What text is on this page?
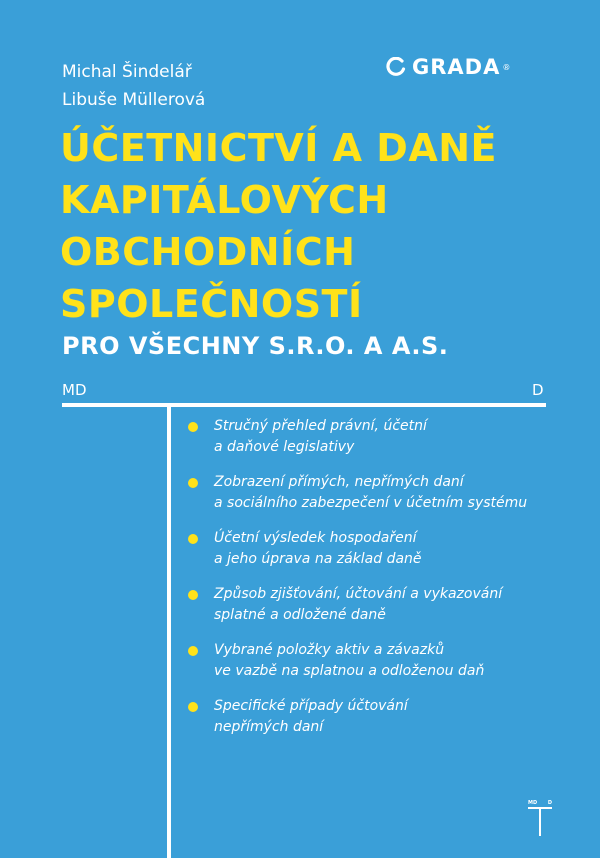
Michal Šindelář
Libuše Müllerová
GRADA ®
ÚČETNICTVÍ A DANĚ
KAPITÁLOVÝCH
OBCHODNÍCH
SPOLEČNOSTÍ
PRO VŠECHNY S.R.O. A A.S.
MD	D
Stručný přehled právní, účetní
a daňové legislativy
Zobrazení přímých, nepřímých daní
a sociálního zabezpečení v účetním systému
Účetní výsledek hospodaření
a jeho úprava na základ daně
Způsob zjišťování, účtování a vykazování
splatné a odložené daně
Vybrané položky aktiv a závazků
ve vazbě na splatnou a odloženou daň
Specifické případy účtování
nepřímých daní
MD D
